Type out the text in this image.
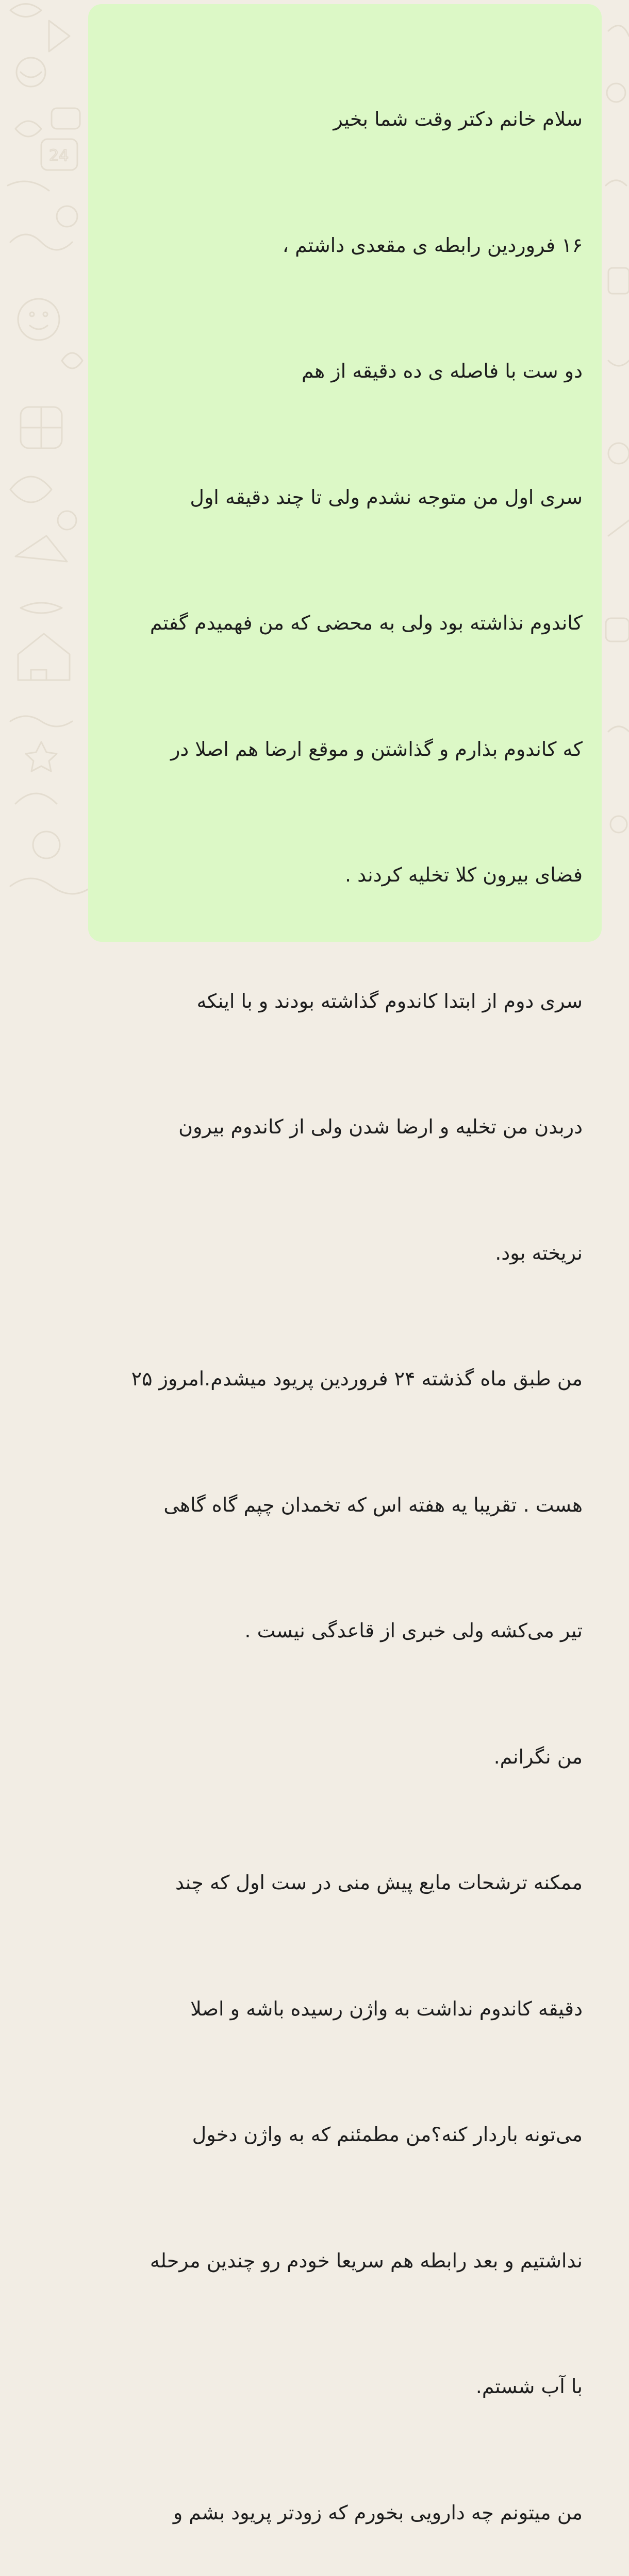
24

سلام خانم دکتر وقت شما بخیر

۱۶ فروردین رابطه ی مقعدی داشتم ،

دو ست با فاصله ی ده دقیقه از هم

سری اول من متوجه نشدم ولی تا چند دقیقه اول

کاندوم نذاشته بود ولی به محضی که من فهمیدم گفتم

که کاندوم بذارم و گذاشتن و موقع ارضا هم اصلا در

فضای بیرون کلا تخلیه کردند .

سری دوم از ابتدا کاندوم گذاشته بودند و با اینکه

دربدن من تخلیه و ارضا شدن ولی از کاندوم بیرون

نریخته بود.

من طبق ماه گذشته ۲۴ فروردین پریود میشدم.امروز ۲۵

هست . تقریبا یه هفته اس که تخمدان چپم گاه گاهی

تیر می‌کشه ولی خبری از قاعدگی نیست .

من نگرانم.

ممکنه ترشحات مایع پیش منی در ست اول که چند

دقیقه کاندوم نداشت به واژن رسیده باشه و اصلا

می‌تونه باردار کنه؟من مطمئنم که به واژن دخول

نداشتیم و بعد رابطه هم سریعا خودم رو چندین مرحله

با آب شستم.

من میتونم چه دارویی بخورم که زودتر پریود بشم و
